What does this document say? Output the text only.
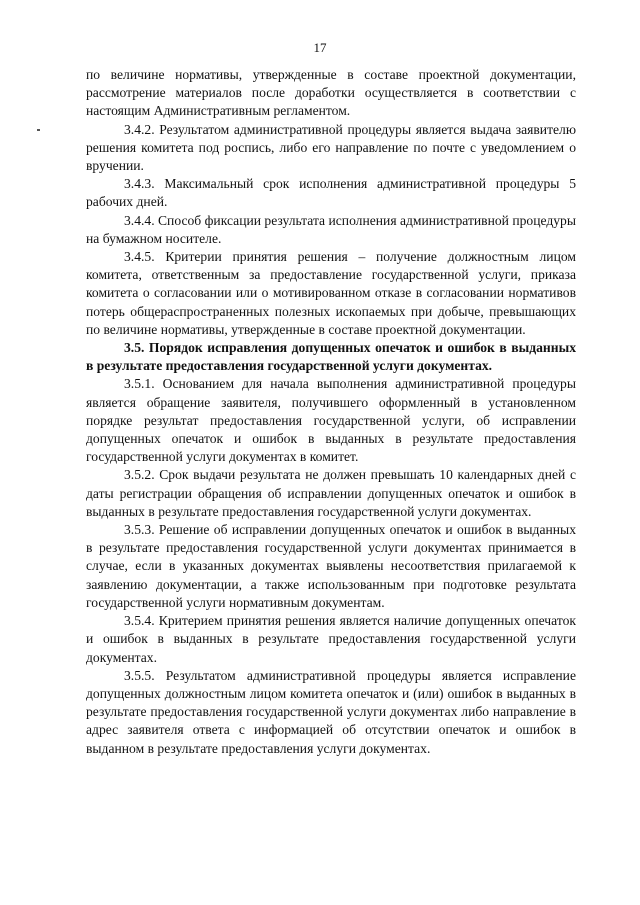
17

по величине нормативы, утвержденные в составе проектной документации, рассмотрение материалов после доработки осуществляется в соответствии с настоящим Административным регламентом.

3.4.2. Результатом административной процедуры является выдача заявителю решения комитета под роспись, либо его направление по почте с уведомлением о вручении.

3.4.3. Максимальный срок исполнения административной процедуры 5 рабочих дней.

3.4.4. Способ фиксации результата исполнения административной процедуры на бумажном носителе.

3.4.5. Критерии принятия решения – получение должностным лицом комитета, ответственным за предоставление государственной услуги, приказа комитета о согласовании или о мотивированном отказе в согласовании нормативов потерь общераспространенных полезных ископаемых при добыче, превышающих по величине нормативы, утвержденные в составе проектной документации.

3.5. Порядок исправления допущенных опечаток и ошибок в выданных в результате предоставления государственной услуги документах.

3.5.1. Основанием для начала выполнения административной процедуры является обращение заявителя, получившего оформленный в установленном порядке результат предоставления государственной услуги, об исправлении допущенных опечаток и ошибок в выданных в результате предоставления государственной услуги документах в комитет.

3.5.2. Срок выдачи результата не должен превышать 10 календарных дней с даты регистрации обращения об исправлении допущенных опечаток и ошибок в выданных в результате предоставления государственной услуги документах.

3.5.3. Решение об исправлении допущенных опечаток и ошибок в выданных в результате предоставления государственной услуги документах принимается в случае, если в указанных документах выявлены несоответствия прилагаемой к заявлению документации, а также использованным при подготовке результата государственной услуги нормативным документам.

3.5.4. Критерием принятия решения является наличие допущенных опечаток и ошибок в выданных в результате предоставления государственной услуги документах.

3.5.5. Результатом административной процедуры является исправление допущенных должностным лицом комитета опечаток и (или) ошибок в выданных в результате предоставления государственной услуги документах либо направление в адрес заявителя ответа с информацией об отсутствии опечаток и ошибок в выданном в результате предоставления услуги документах.
